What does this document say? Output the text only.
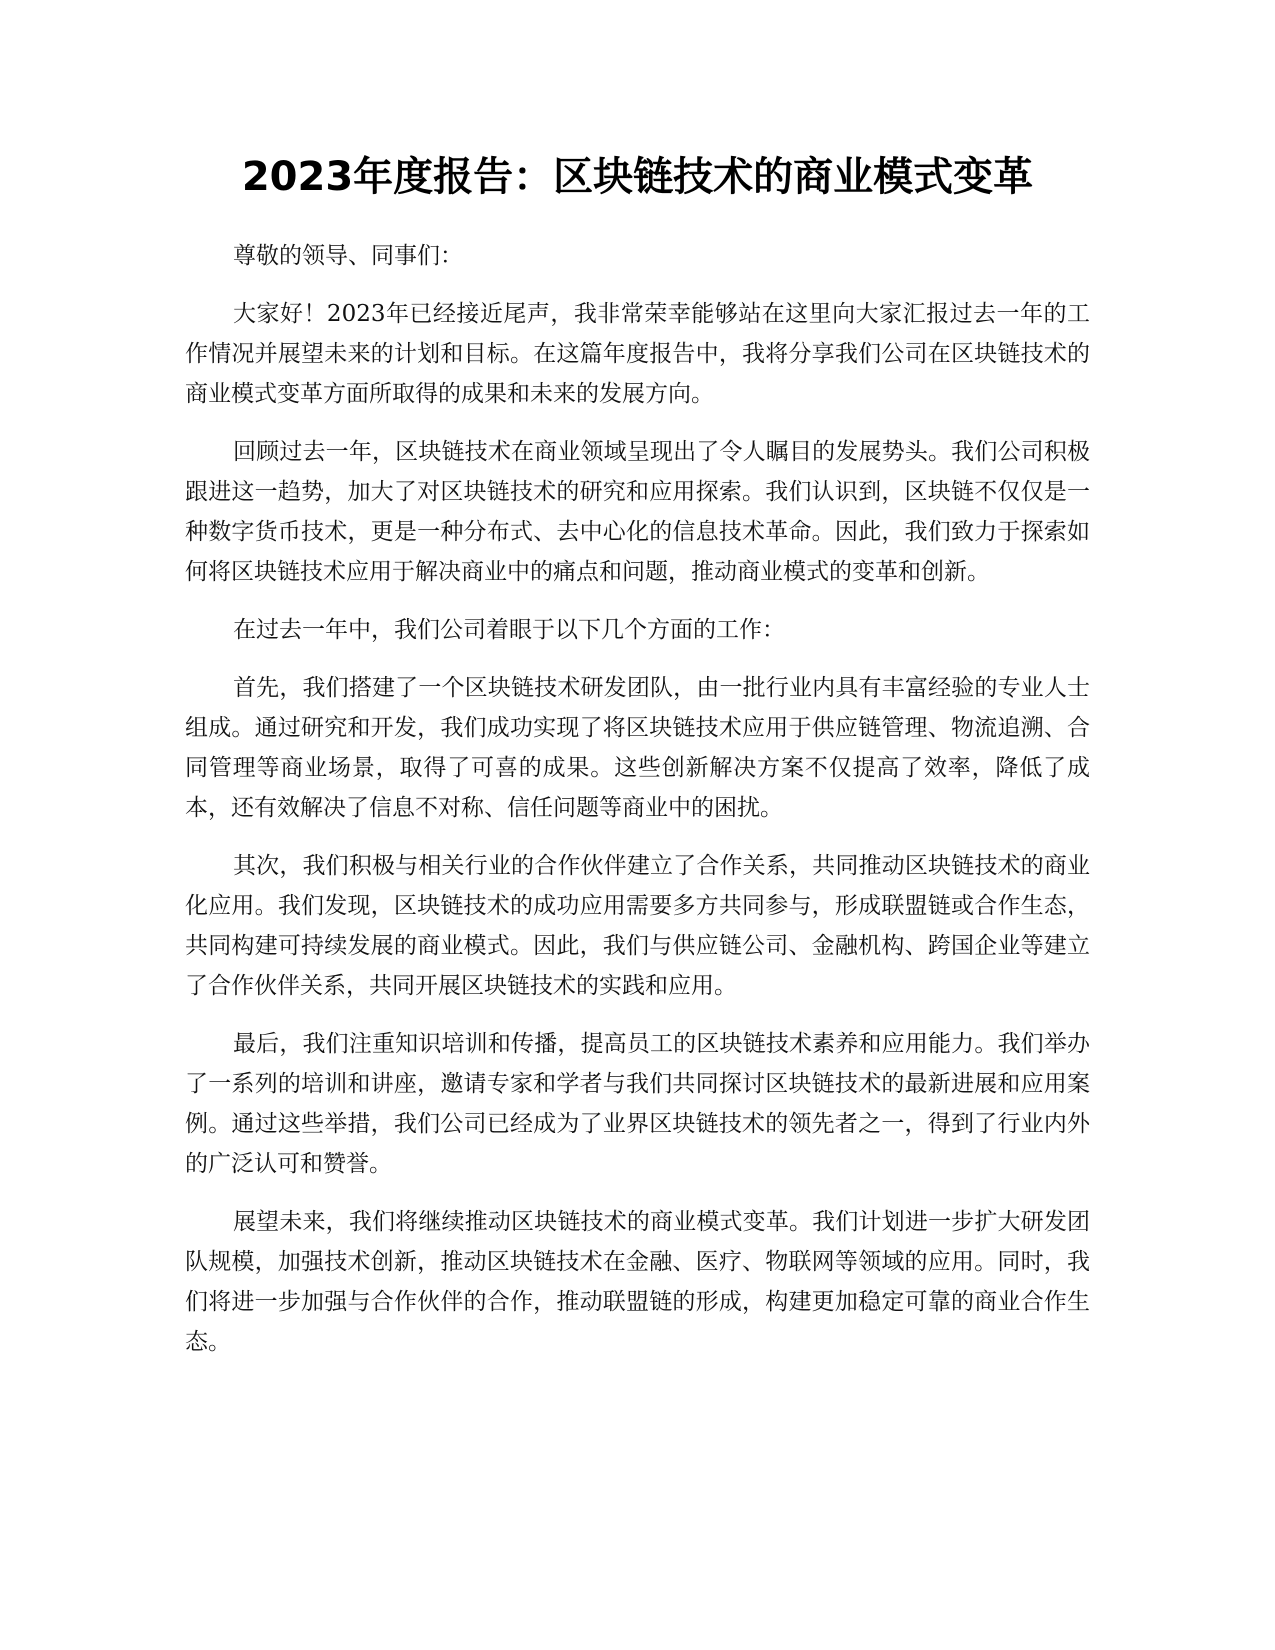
2023年度报告：区块链技术的商业模式变革

尊敬的领导、同事们：

大家好！2023年已经接近尾声，我非常荣幸能够站在这里向大家汇报过去一年的工作情况并展望未来的计划和目标。在这篇年度报告中，我将分享我们公司在区块链技术的商业模式变革方面所取得的成果和未来的发展方向。

回顾过去一年，区块链技术在商业领域呈现出了令人瞩目的发展势头。我们公司积极跟进这一趋势，加大了对区块链技术的研究和应用探索。我们认识到，区块链不仅仅是一种数字货币技术，更是一种分布式、去中心化的信息技术革命。因此，我们致力于探索如何将区块链技术应用于解决商业中的痛点和问题，推动商业模式的变革和创新。

在过去一年中，我们公司着眼于以下几个方面的工作：

首先，我们搭建了一个区块链技术研发团队，由一批行业内具有丰富经验的专业人士组成。通过研究和开发，我们成功实现了将区块链技术应用于供应链管理、物流追溯、合同管理等商业场景，取得了可喜的成果。这些创新解决方案不仅提高了效率，降低了成本，还有效解决了信息不对称、信任问题等商业中的困扰。

其次，我们积极与相关行业的合作伙伴建立了合作关系，共同推动区块链技术的商业化应用。我们发现，区块链技术的成功应用需要多方共同参与，形成联盟链或合作生态，共同构建可持续发展的商业模式。因此，我们与供应链公司、金融机构、跨国企业等建立了合作伙伴关系，共同开展区块链技术的实践和应用。

最后，我们注重知识培训和传播，提高员工的区块链技术素养和应用能力。我们举办了一系列的培训和讲座，邀请专家和学者与我们共同探讨区块链技术的最新进展和应用案例。通过这些举措，我们公司已经成为了业界区块链技术的领先者之一，得到了行业内外的广泛认可和赞誉。

展望未来，我们将继续推动区块链技术的商业模式变革。我们计划进一步扩大研发团队规模，加强技术创新，推动区块链技术在金融、医疗、物联网等领域的应用。同时，我们将进一步加强与合作伙伴的合作，推动联盟链的形成，构建更加稳定可靠的商业合作生态。
